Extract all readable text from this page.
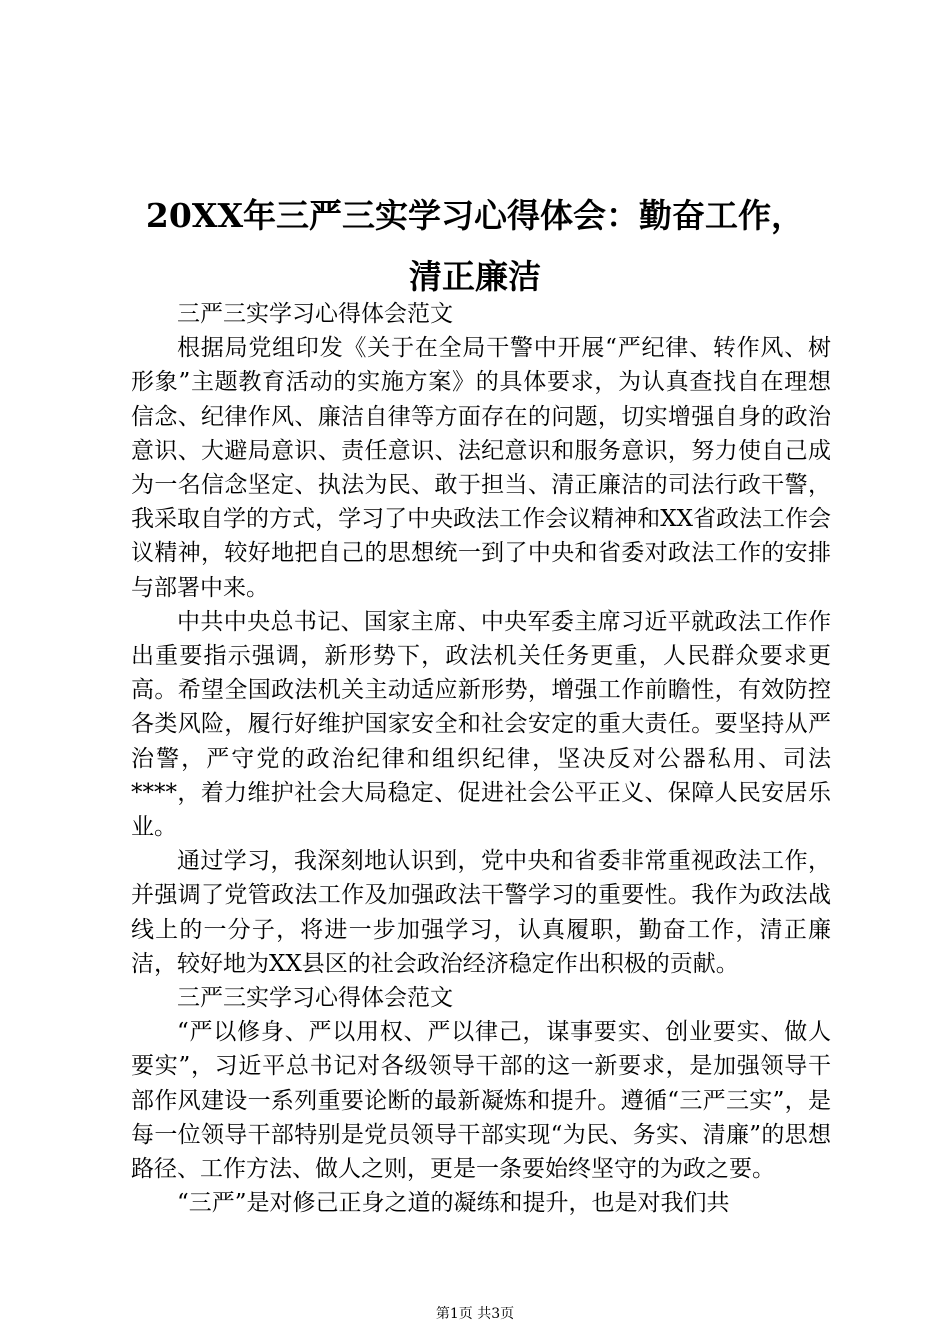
20XX年三严三实学习心得体会：勤奋工作，
清正廉洁

三严三实学习心得体会范文

根据局党组印发《关于在全局干警中开展“严纪律、转作风、树形象”主题教育活动的实施方案》的具体要求，为认真查找自在理想信念、纪律作风、廉洁自律等方面存在的问题，切实增强自身的政治意识、大避局意识、责任意识、法纪意识和服务意识，努力使自己成为一名信念坚定、执法为民、敢于担当、清正廉洁的司法行政干警，我采取自学的方式，学习了中央政法工作会议精神和XX省政法工作会议精神，较好地把自己的思想统一到了中央和省委对政法工作的安排与部署中来。

中共中央总书记、国家主席、中央军委主席习近平就政法工作作出重要指示强调，新形势下，政法机关任务更重，人民群众要求更高。希望全国政法机关主动适应新形势，增强工作前瞻性，有效防控各类风险，履行好维护国家安全和社会安定的重大责任。要坚持从严治警，严守党的政治纪律和组织纪律，坚决反对公器私用、司法****，着力维护社会大局稳定、促进社会公平正义、保障人民安居乐业。

通过学习，我深刻地认识到，党中央和省委非常重视政法工作，并强调了党管政法工作及加强政法干警学习的重要性。我作为政法战线上的一分子，将进一步加强学习，认真履职，勤奋工作，清正廉洁，较好地为XX县区的社会政治经济稳定作出积极的贡献。

三严三实学习心得体会范文

“严以修身、严以用权、严以律己，谋事要实、创业要实、做人要实”，习近平总书记对各级领导干部的这一新要求，是加强领导干部作风建设一系列重要论断的最新凝炼和提升。遵循“三严三实”，是每一位领导干部特别是党员领导干部实现“为民、务实、清廉”的思想路径、工作方法、做人之则，更是一条要始终坚守的为政之要。

“三严”是对修己正身之道的凝练和提升，也是对我们共

第1页 共3页
